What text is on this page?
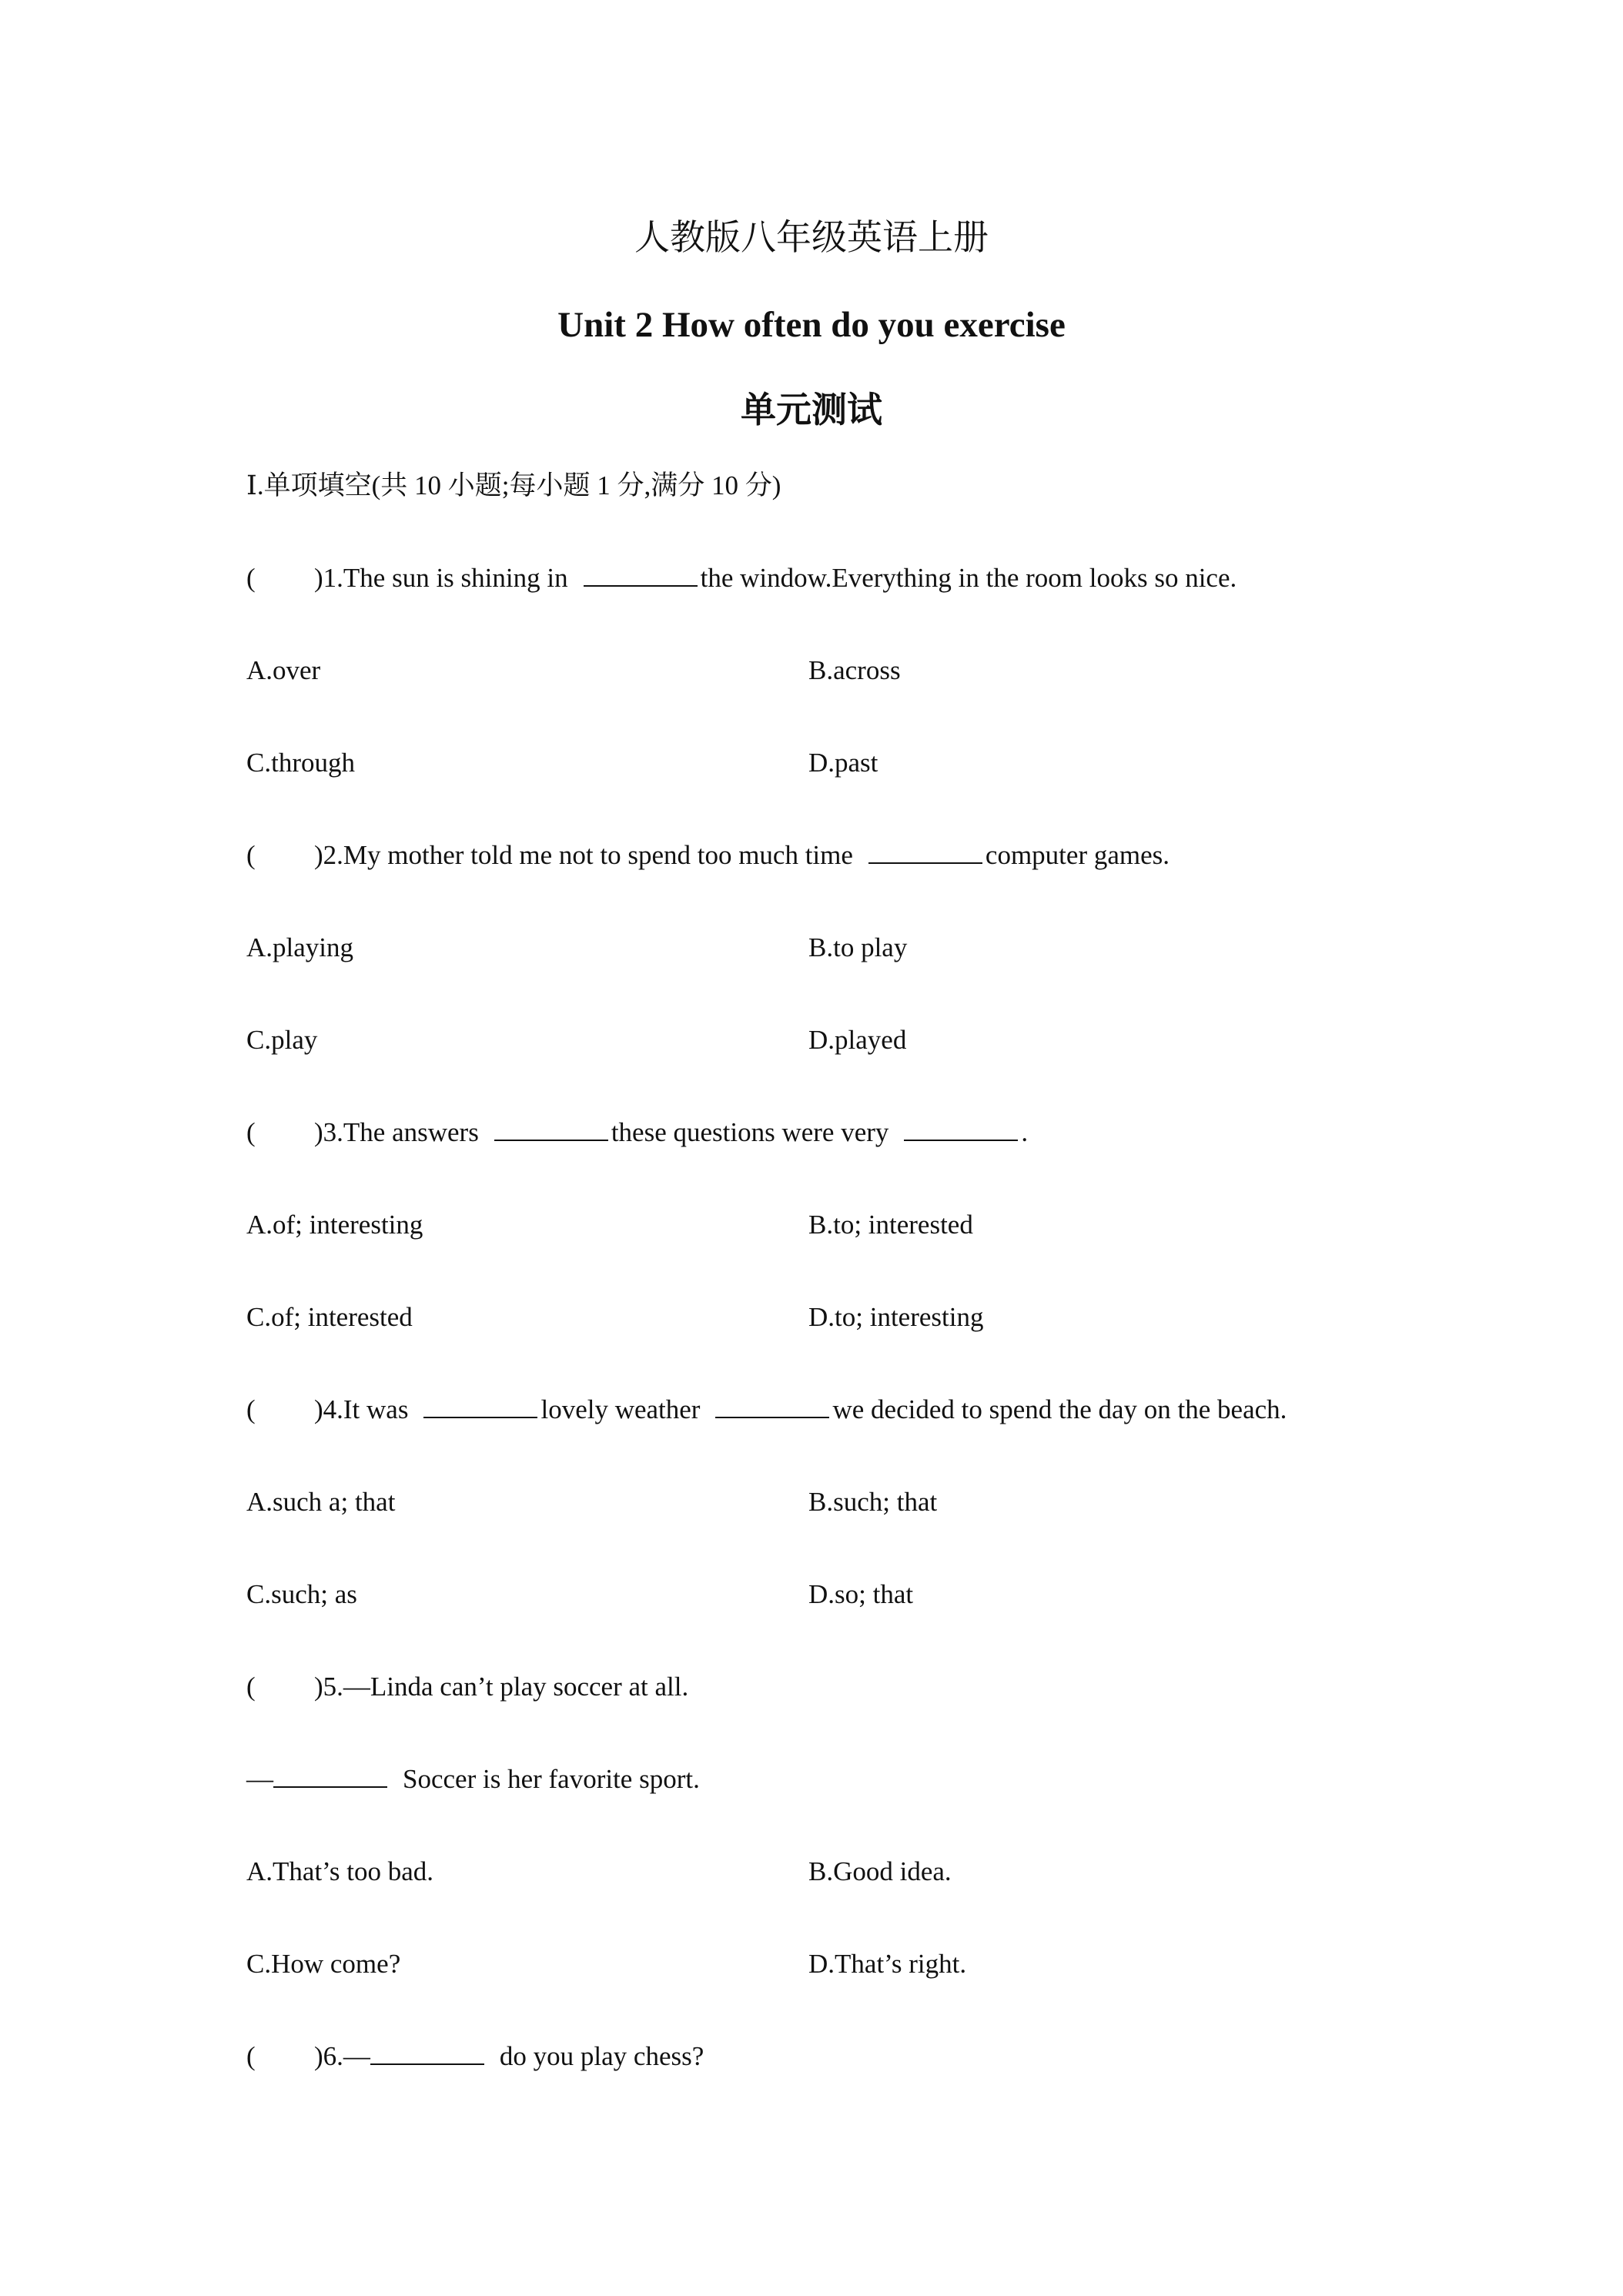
人教版八年级英语上册
Unit 2 How often do you exercise
单元测试
Ⅰ.单项填空(共 10 小题;每小题 1 分,满分 10 分)
( )1.The sun is shining in	the window.Everything in the room looks so nice.
A.over	B.across
C.through	D.past
( )2.My mother told me not to spend too much time	computer games.
A.playing	B.to play
C.play	D.played
( )3.The answers	these questions were very	.
A.of; interesting	B.to; interested
C.of; interested	D.to; interesting
( )4.It was	lovely weather	we decided to spend the day on the beach.
A.such a; that	B.such; that
C.such; as	D.so; that
( )5.—Linda can’t play soccer at all.
—	Soccer is her favorite sport.
A.That’s too bad.	B.Good idea.
C.How come?	D.That’s right.
( )6.—	do you play chess?
